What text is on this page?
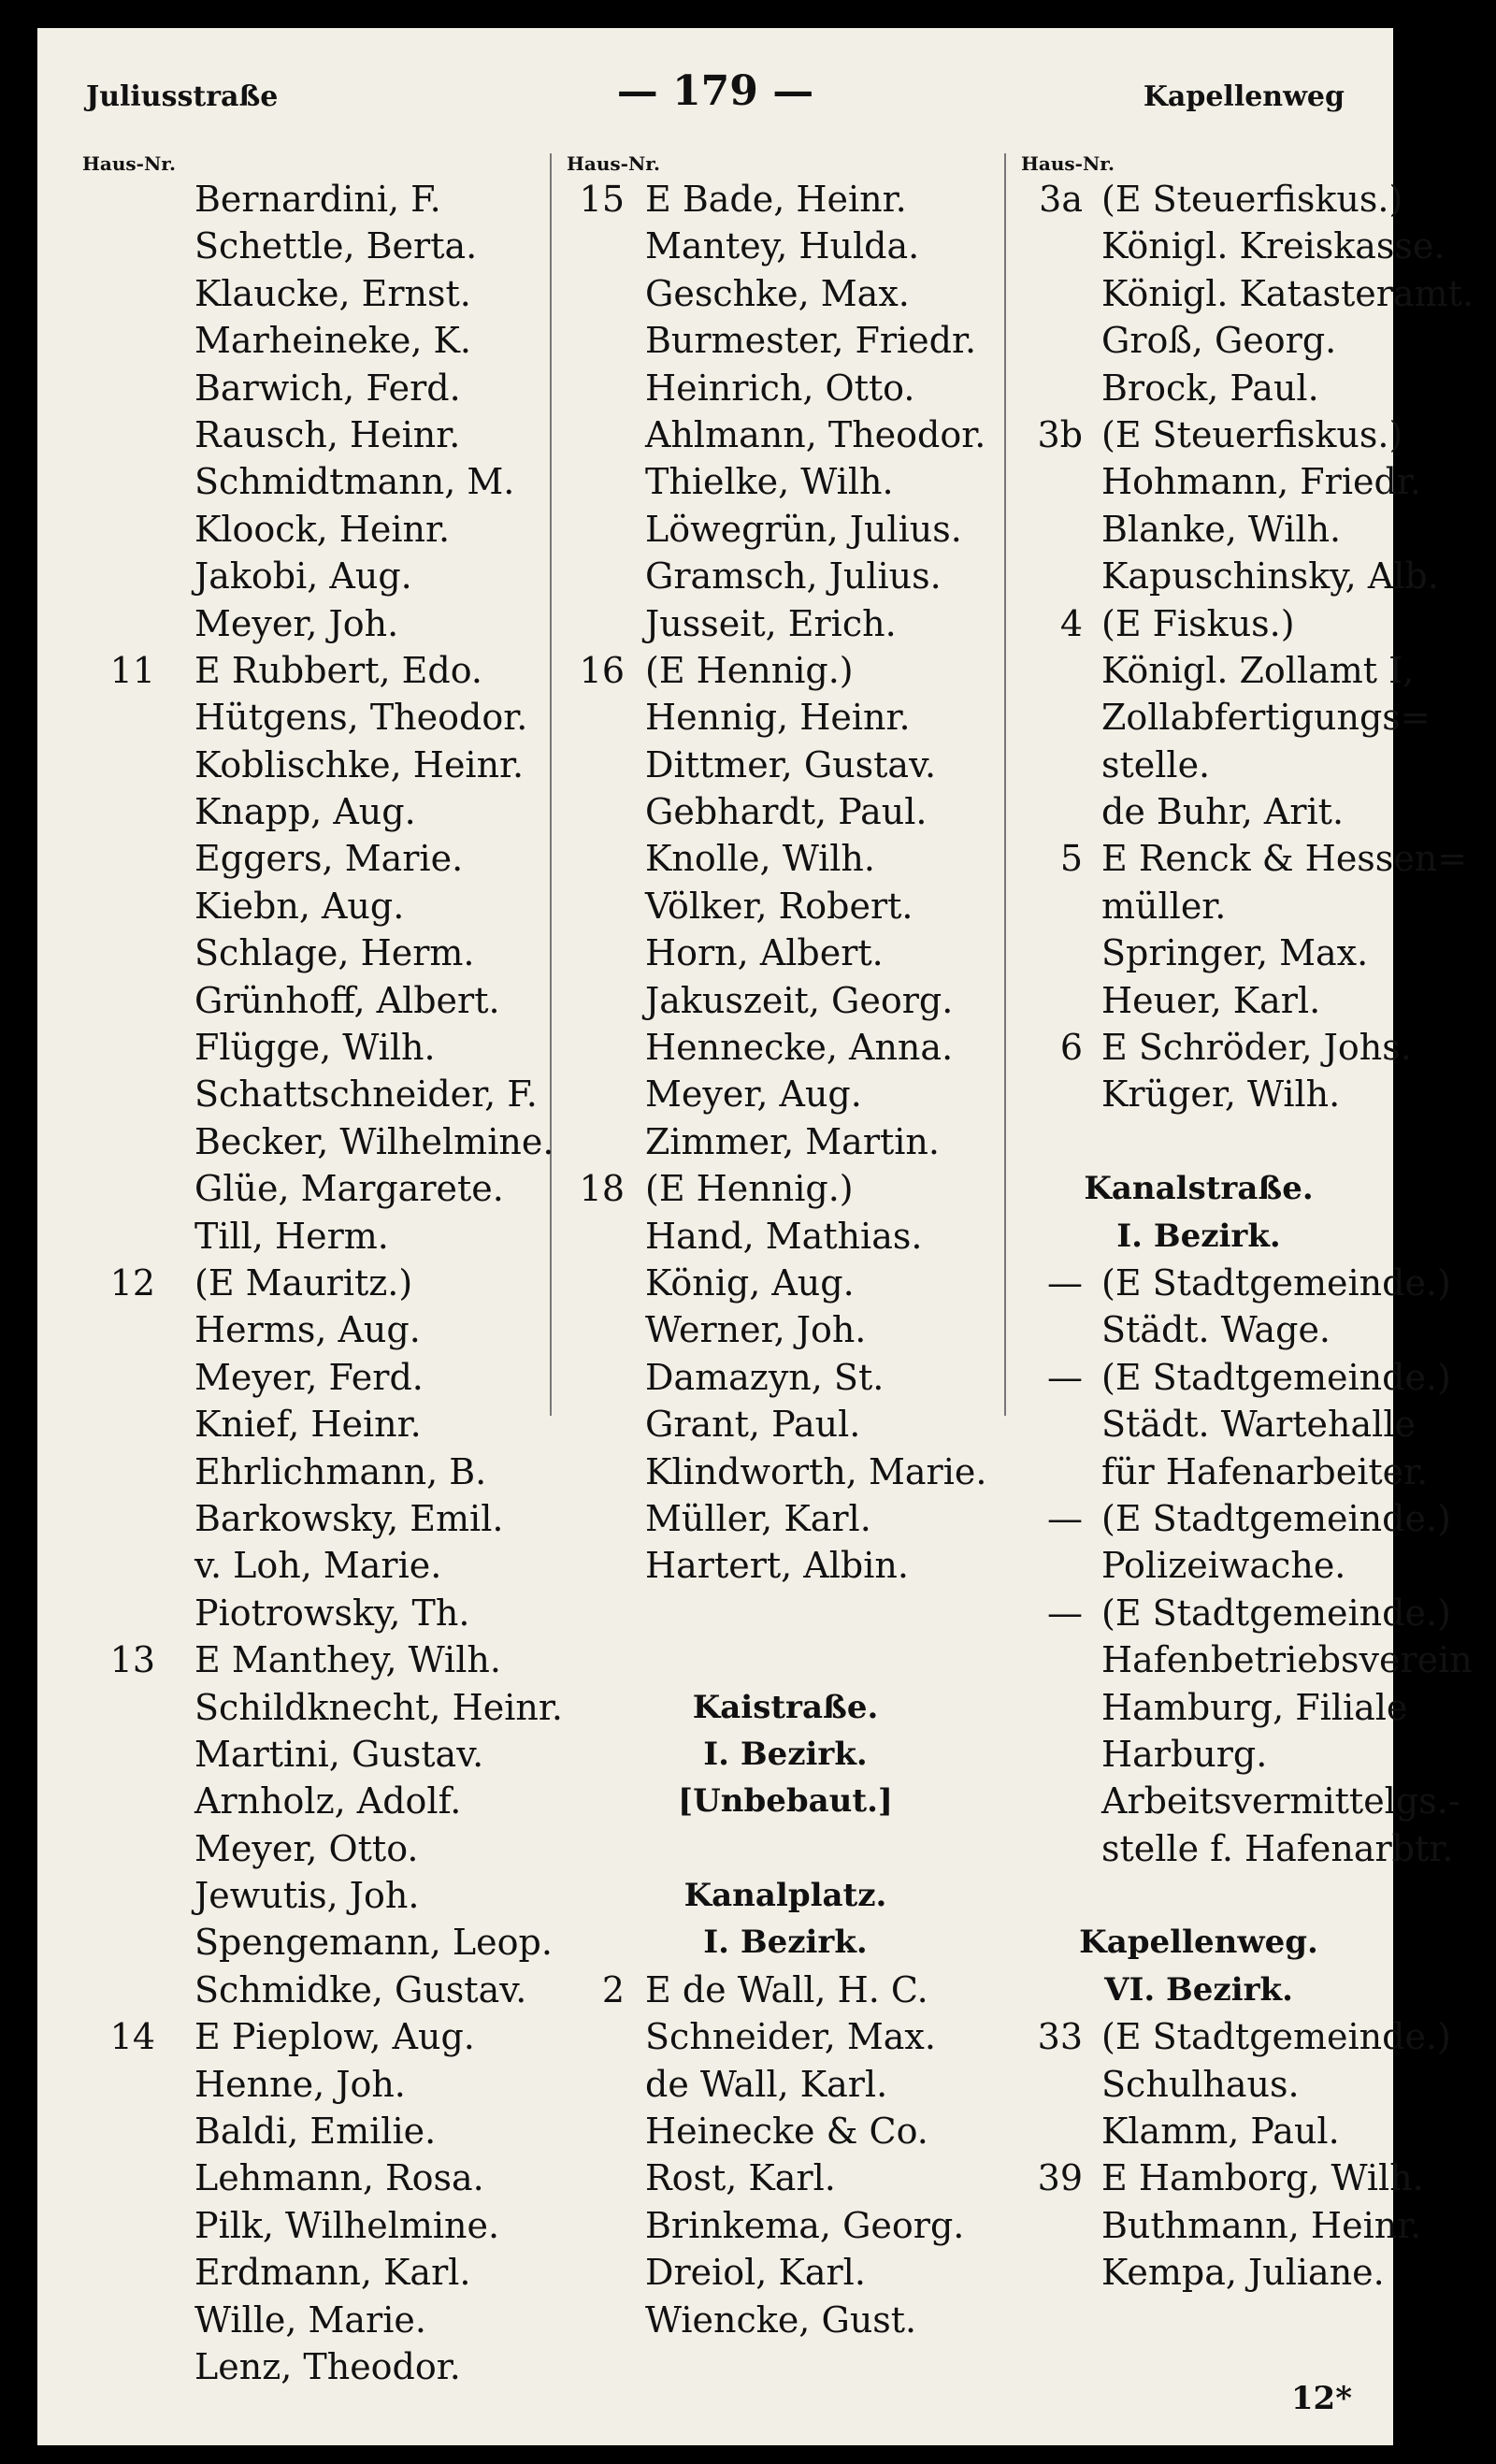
Juliusstraße	— 179 —	Kapellenweg
Haus-Nr.
Bernardini, F.
Schettle, Berta.
Klaucke, Ernst.
Marheineke, K.
Barwich, Ferd.
Rausch, Heinr.
Schmidtmann, M.
Kloock, Heinr.
Jakobi, Aug.
Meyer, Joh.
11 E Rubbert, Edo.
Hütgens, Theodor.
Koblischke, Heinr.
Knapp, Aug.
Eggers, Marie.
Kiebn, Aug.
Schlage, Herm.
Grünhoff, Albert.
Flügge, Wilh.
Schattschneider, F.
Becker, Wilhelmine.
Glüe, Margarete.
Till, Herm.
12 (E Mauritz.)
Herms, Aug.
Meyer, Ferd.
Knief, Heinr.
Ehrlichmann, B.
Barkowsky, Emil.
v. Loh, Marie.
Piotrowsky, Th.
13 E Manthey, Wilh.
Schildknecht, Heinr.
Martini, Gustav.
Arnholz, Adolf.
Meyer, Otto.
Jewutis, Joh.
Spengemann, Leop.
Schmidke, Gustav.
14 E Pieplow, Aug.
Henne, Joh.
Baldi, Emilie.
Lehmann, Rosa.
Pilk, Wilhelmine.
Erdmann, Karl.
Wille, Marie.
Lenz, Theodor.
Haus-Nr.
15 E Bade, Heinr.
Mantey, Hulda.
Geschke, Max.
Burmester, Friedr.
Heinrich, Otto.
Ahlmann, Theodor.
Thielke, Wilh.
Löwegrün, Julius.
Gramsch, Julius.
Jusseit, Erich.
16 (E Hennig.)
Hennig, Heinr.
Dittmer, Gustav.
Gebhardt, Paul.
Knolle, Wilh.
Völker, Robert.
Horn, Albert.
Jakuszeit, Georg.
Hennecke, Anna.
Meyer, Aug.
Zimmer, Martin.
18 (E Hennig.)
Hand, Mathias.
König, Aug.
Werner, Joh.
Damazyn, St.
Grant, Paul.
Klindworth, Marie.
Müller, Karl.
Hartert, Albin.
Kaistraße.
I. Bezirk.
[Unbebaut.]
Kanalplatz.
I. Bezirk.
2 E de Wall, H. C.
Schneider, Max.
de Wall, Karl.
Heinecke & Co.
Rost, Karl.
Brinkema, Georg.
Dreiol, Karl.
Wiencke, Gust.
Haus-Nr.
3a (E Steuerfiskus.)
Königl. Kreiskasse.
Königl. Katasteramt.
Groß, Georg.
Brock, Paul.
3b (E Steuerfiskus.)
Hohmann, Friedr.
Blanke, Wilh.
Kapuschinsky, Alb.
4 (E Fiskus.)
Königl. Zollamt I,
Zollabfertigungs=
stelle.
de Buhr, Arit.
5 E Renck & Hessen=
müller.
Springer, Max.
Heuer, Karl.
6 E Schröder, Johs.
Krüger, Wilh.
Kanalstraße.
I. Bezirk.
— (E Stadtgemeinde.)
Städt. Wage.
— (E Stadtgemeinde.)
Städt. Wartehalle
für Hafenarbeiter.
— (E Stadtgemeinde.)
Polizeiwache.
— (E Stadtgemeinde.)
Hafenbetriebsverein
Hamburg, Filiale
Harburg.
Arbeitsvermittelgs.-
stelle f. Hafenarbtr.
Kapellenweg.
VI. Bezirk.
33 (E Stadtgemeinde.)
Schulhaus.
Klamm, Paul.
39 E Hamborg, Wilh.
Buthmann, Heinr.
Kempa, Juliane.
12*
